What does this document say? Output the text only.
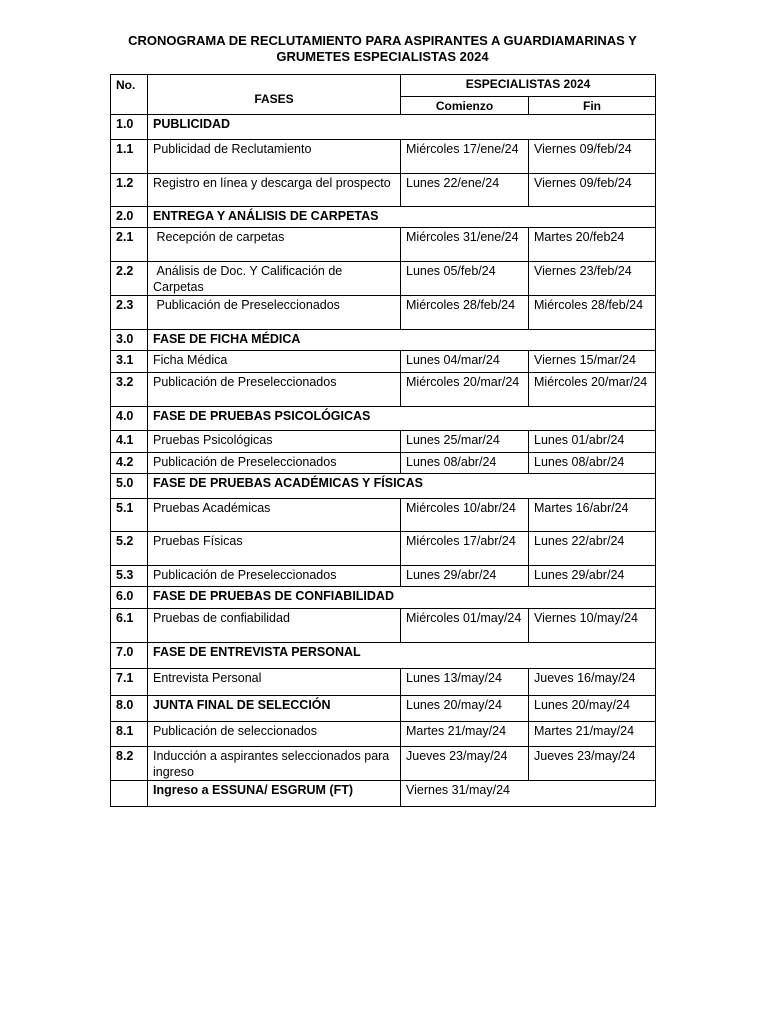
CRONOGRAMA DE RECLUTAMIENTO PARA ASPIRANTES A GUARDIAMARINAS Y
GRUMETES ESPECIALISTAS 2024
No.	FASES	ESPECIALISTAS 2024	
		Comienzo	Fin
1.0	PUBLICIDAD		
1.1	Publicidad de Reclutamiento	Miércoles 17/ene/24	Viernes 09/feb/24
1.2	Registro en línea y descarga del prospecto	Lunes 22/ene/24	Viernes 09/feb/24
2.0	ENTREGA Y ANÁLISIS DE CARPETAS		
2.1	Recepción de carpetas	Miércoles 31/ene/24	Martes 20/feb24
2.2	Análisis de Doc. Y Calificación de Carpetas	Lunes 05/feb/24	Viernes 23/feb/24
2.3	Publicación de Preseleccionados	Miércoles 28/feb/24	Miércoles 28/feb/24
3.0	FASE DE FICHA MÉDICA		
3.1	Ficha Médica	Lunes 04/mar/24	Viernes 15/mar/24
3.2	Publicación de Preseleccionados	Miércoles 20/mar/24	Miércoles 20/mar/24
4.0	FASE DE PRUEBAS PSICOLÓGICAS		
4.1	Pruebas Psicológicas	Lunes 25/mar/24	Lunes 01/abr/24
4.2	Publicación de Preseleccionados	Lunes 08/abr/24	Lunes 08/abr/24
5.0	FASE DE PRUEBAS ACADÉMICAS Y FÍSICAS		
5.1	Pruebas Académicas	Miércoles 10/abr/24	Martes 16/abr/24
5.2	Pruebas Físicas	Miércoles 17/abr/24	Lunes 22/abr/24
5.3	Publicación de Preseleccionados	Lunes 29/abr/24	Lunes 29/abr/24
6.0	FASE DE PRUEBAS DE CONFIABILIDAD		
6.1	Pruebas de confiabilidad	Miércoles 01/may/24	Viernes 10/may/24
7.0	FASE DE ENTREVISTA PERSONAL		
7.1	Entrevista Personal	Lunes 13/may/24	Jueves 16/may/24
8.0	JUNTA FINAL DE SELECCIÓN	Lunes 20/may/24	Lunes 20/may/24
8.1	Publicación de seleccionados	Martes 21/may/24	Martes 21/may/24
8.2	Inducción a aspirantes seleccionados para ingreso	Jueves 23/may/24	Jueves 23/may/24
	Ingreso a ESSUNA/ ESGRUM (FT)	Viernes 31/may/24	
